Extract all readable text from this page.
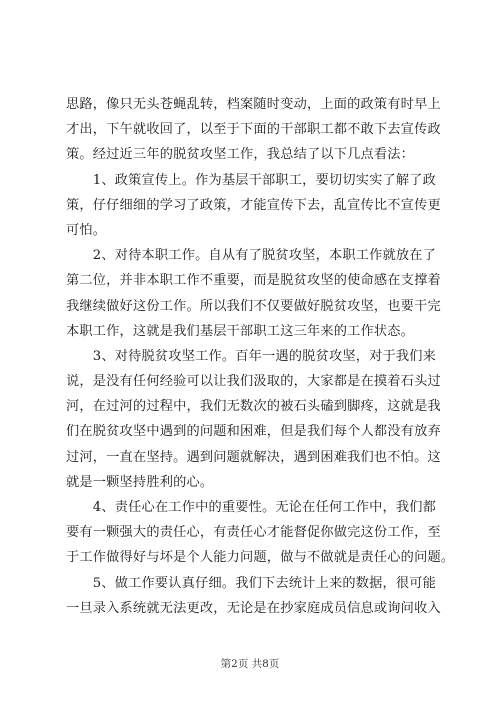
思路，像只无头苍蝇乱转，档案随时变动，上面的政策有时早上
才出，下午就收回了，以至于下面的干部职工都不敢下去宣传政
策。经过近三年的脱贫攻坚工作，我总结了以下几点看法：
　　1、政策宣传上。作为基层干部职工，要切切实实了解了政
策，仔仔细细的学习了政策，才能宣传下去，乱宣传比不宣传更
可怕。
　　2、对待本职工作。自从有了脱贫攻坚，本职工作就放在了
第二位，并非本职工作不重要，而是脱贫攻坚的使命感在支撑着
我继续做好这份工作。所以我们不仅要做好脱贫攻坚，也要干完
本职工作，这就是我们基层干部职工这三年来的工作状态。
　　3、对待脱贫攻坚工作。百年一遇的脱贫攻坚，对于我们来
说，是没有任何经验可以让我们汲取的，大家都是在摸着石头过
河，在过河的过程中，我们无数次的被石头磕到脚疼，这就是我
们在脱贫攻坚中遇到的问题和困难，但是我们每个人都没有放弃
过河，一直在坚持。遇到问题就解决，遇到困难我们也不怕。这
就是一颗坚持胜利的心。
　　4、责任心在工作中的重要性。无论在任何工作中，我们都
要有一颗强大的责任心，有责任心才能督促你做完这份工作，至
于工作做得好与坏是个人能力问题，做与不做就是责任心的问题。
　　5、做工作要认真仔细。我们下去统计上来的数据，很可能
一旦录入系统就无法更改，无论是在抄家庭成员信息或询问收入
第2页 共8页
